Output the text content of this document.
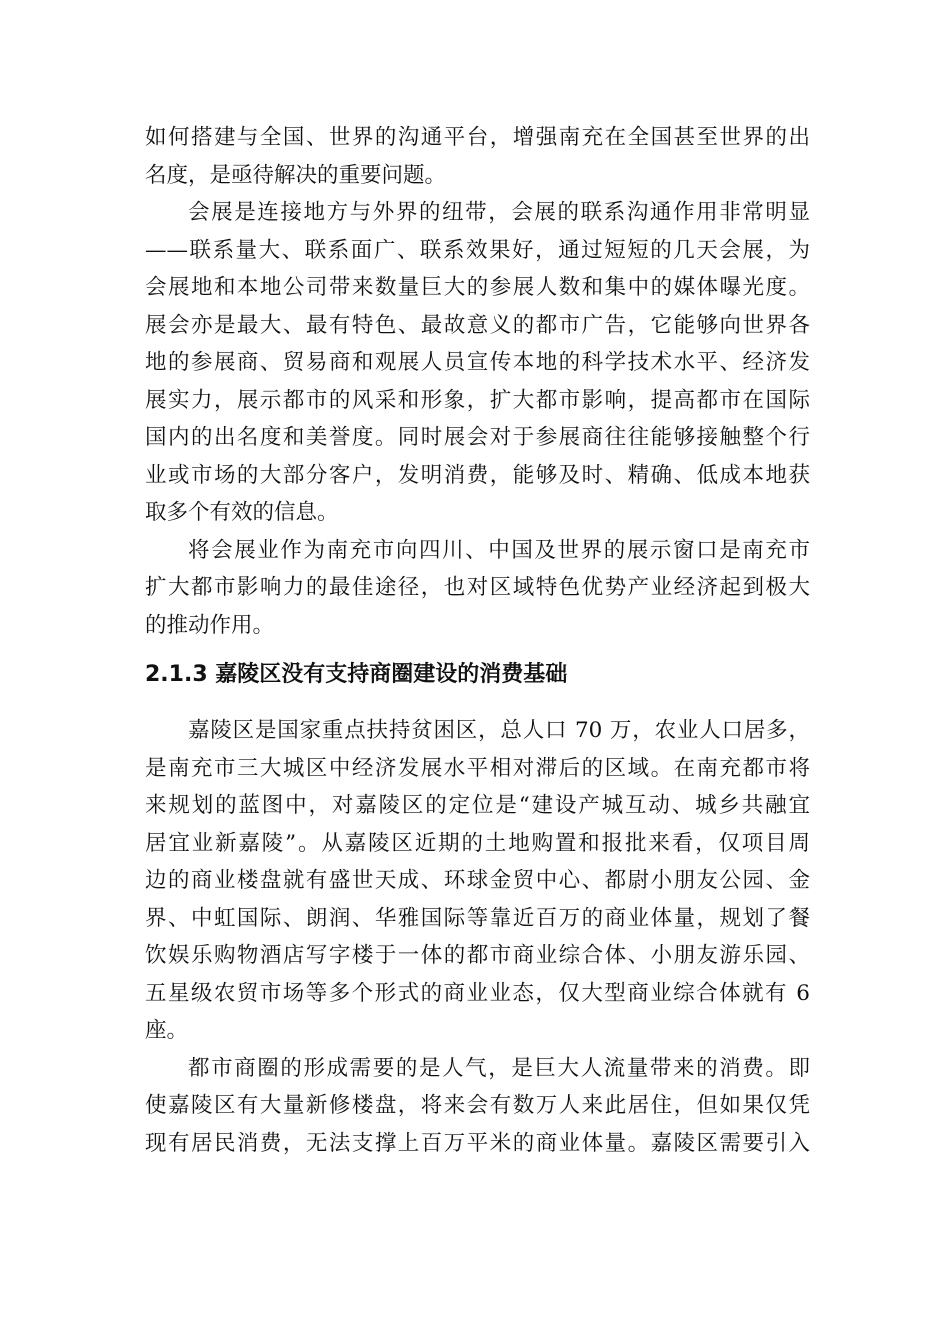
如何搭建与全国、世界的沟通平台，增强南充在全国甚至世界的出
名度，是亟待解决的重要问题。
会展是连接地方与外界的纽带，会展的联系沟通作用非常明显
——联系量大、联系面广、联系效果好，通过短短的几天会展，为
会展地和本地公司带来数量巨大的参展人数和集中的媒体曝光度。
展会亦是最大、最有特色、最故意义的都市广告，它能够向世界各
地的参展商、贸易商和观展人员宣传本地的科学技术水平、经济发
展实力，展示都市的风采和形象，扩大都市影响，提高都市在国际
国内的出名度和美誉度。同时展会对于参展商往往能够接触整个行
业或市场的大部分客户，发明消费，能够及时、精确、低成本地获
取多个有效的信息。
将会展业作为南充市向四川、中国及世界的展示窗口是南充市
扩大都市影响力的最佳途径，也对区域特色优势产业经济起到极大
的推动作用。
2.1.3 嘉陵区没有支持商圈建设的消费基础
嘉陵区是国家重点扶持贫困区，总人口 70 万，农业人口居多，
是南充市三大城区中经济发展水平相对滞后的区域。在南充都市将
来规划的蓝图中，对嘉陵区的定位是“建设产城互动、城乡共融宜
居宜业新嘉陵”。从嘉陵区近期的土地购置和报批来看，仅项目周
边的商业楼盘就有盛世天成、环球金贸中心、都尉小朋友公园、金
界、中虹国际、朗润、华雅国际等靠近百万的商业体量，规划了餐
饮娱乐购物酒店写字楼于一体的都市商业综合体、小朋友游乐园、
五星级农贸市场等多个形式的商业业态，仅大型商业综合体就有 6
座。
都市商圈的形成需要的是人气，是巨大人流量带来的消费。即
使嘉陵区有大量新修楼盘，将来会有数万人来此居住，但如果仅凭
现有居民消费，无法支撑上百万平米的商业体量。嘉陵区需要引入
